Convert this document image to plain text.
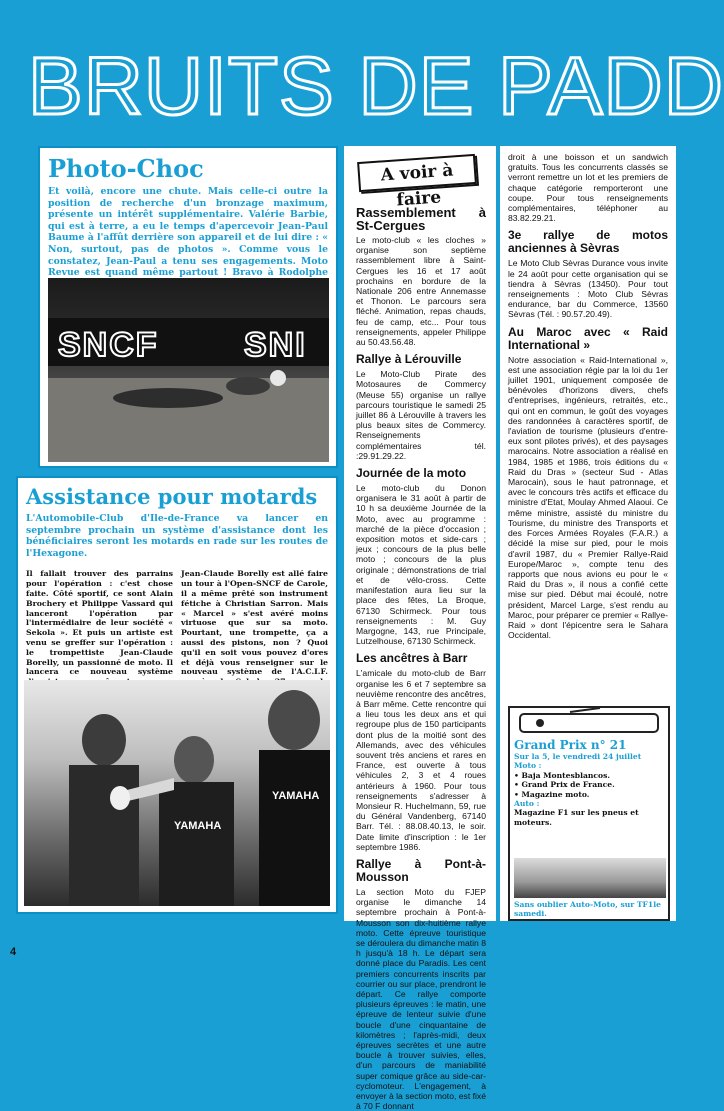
BRUITS DE PADD
Photo-Choc
Et voilà, encore une chute. Mais celle-ci outre la position de recherche d'un bronzage maximum, présente un intérêt supplémentaire. Valérie Barbie, qui est à terre, a eu le temps d'apercevoir Jean-Paul Baume à l'affût derrière son appareil et de lui dire : « Non, surtout, pas de photos ». Comme vous le constatez, Jean-Paul a tenu ses engagements. Moto Revue est quand même partout ! Bravo à Rodolphe
SNCF	SNI
Assistance pour motards
L'Automobile-Club d'Ile-de-France va lancer en septembre prochain un système d'assistance dont les bénéficiaires seront les motards en rade sur les routes de l'Hexagone.
Il fallait trouver des parrains pour l'opération : c'est chose faite. Côté sportif, ce sont Alain Brochery et Philippe Vassard qui lanceront l'opération par l'intermédiaire de leur société « Sekola ». Et puis un artiste est venu se greffer sur l'opération : le trompettiste Jean-Claude Borelly, un passionné de moto. Il lancera ce nouveau système
Jean-Claude Borelly est allé faire un tour à l'Open-SNCF de Carole, il a même prêté son instrument fétiche à Christian Sarron. Mais « Marcel » s'est avéré moins virtuose que sur sa moto. Pourtant, une trompette, ça a aussi des pistons, non ? Quoi qu'il en soit vous pouvez d'ores et déjà vous renseigner sur le nouveau système de l'A.C.I.F.
YAMAHA
YAMAHA
Rassemblement à St-Cergues

Le moto-club « les cloches » organise son septième rassemblement libre à Saint-Cergues les 16 et 17 août prochains en bordure de la Nationale 206 entre Annemasse et Thonon. Le parcours sera fléché. Animation, repas chauds, feu de camp, etc... Pour tous renseignements, appeler Philippe au 50.43.56.48.

Rallye à Lérouville

Le Moto-Club Pirate des Motosaures de Commercy (Meuse 55) organise un rallye parcours touristique le samedi 25 juillet 86 à Lérouville à travers les plus beaux sites de Commercy. Renseignements complémentaires tél. :29.91.29.22.

Journée de la moto

Le moto-club du Donon organisera le 31 août à partir de 10 h sa deuxième Journée de la Moto, avec au programme : marché de la pièce d'occasion ; exposition motos et side-cars ; jeux ; concours de la plus belle moto ; concours de la plus originale ; démonstrations de trial et de vélo-cross. Cette manifestation aura lieu sur la place des fêtes, La Broque, 67130 Schirmeck. Pour tous renseignements : M. Guy Margogne, 143, rue Principale, Lutzelhouse, 67130 Schirmeck.

Les ancêtres à Barr

L'amicale du moto-club de Barr organise les 6 et 7 septembre sa neuvième rencontre des ancêtres, à Barr même. Cette rencontre qui a lieu tous les deux ans et qui regroupe plus de 150 participants dont plus de la moitié sont des Allemands, avec des véhicules souvent très anciens et rares en France, est ouverte à tous véhicules 2, 3 et 4 roues antérieurs à 1960. Pour tous renseignements s'adresser à Monsieur R. Huchelmann, 59, rue du Général Vandenberg, 67140 Barr. Tél. : 88.08.40.13, le soir. Date limite d'inscription : le 1er septembre 1986.

Rallye à Pont-à-Mousson

La section Moto du FJEP organise le dimanche 14 septembre prochain à Pont-à-Mousson son dix-huitième rallye moto. Cette épreuve touristique se déroulera du dimanche matin 8 h jusqu'à 18 h. Le départ sera donné place du Paradis. Les cent premiers concurrents inscrits par courrier ou sur place, prendront le départ. Ce rallye comporte plusieurs épreuves : le matin, une épreuve de lenteur suivie d'une boucle d'une cinquantaine de kilomètres ; l'après-midi, deux épreuves secrètes et une autre boucle à trouver suivies, elles, d'un parcours de maniabilité super comique grâce au side-car-cyclomoteur. L'engagement, à envoyer à la section moto, est fixé à 70 F donnant

A voir à faire

droit à une boisson et un sandwich gratuits. Tous les concurrents classés se verront remettre un lot et les premiers de chaque catégorie remporteront une coupe. Pour tous renseignements complémentaires, téléphoner au 83.82.29.21.

3e rallye de motos anciennes à Sèvras

Le Moto Club Sèvras Durance vous invite le 24 août pour cette organisation qui se tiendra à Sèvras (13450). Pour tout renseignements : Moto Club Sèvras endurance, bar du Commerce, 13560 Sèvras (Tél. : 90.57.20.49).

Au Maroc avec « Raid International »

Notre association « Raid-International », est une association régie par la loi du 1er juillet 1901, uniquement composée de bénévoles d'horizons divers, chefs d'entreprises, ingénieurs, retraités, etc., qui ont en commun, le goût des voyages des randonnées à caractères sportif, de l'aviation de tourisme (plusieurs d'entre-eux sont pilotes privés), et des paysages marocains. Notre association a réalisé en 1984, 1985 et 1986, trois éditions du « Raid du Dras » (secteur Sud - Atlas Marocain), sous le haut patronnage, et avec le concours très actifs et efficace du ministre d'Etat, Moulay Ahmed Alaoui. Ce même ministre, assisté du ministre du Tourisme, du ministre des Transports et des Forces Armées Royales (F.A.R.) a décidé la mise sur pied, pour le mois d'avril 1987, du « Premier Rallye-Raid Europe/Maroc », compte tenu des rapports que nous avions eu pour le « Raid du Dras », il nous a confié cette mise sur pied. Début mai écoulé, notre président, Marcel Large, s'est rendu au Maroc, pour préparer ce premier « Rallye-Raid » dont l'épicentre sera le Sahara Occidental.

Grand Prix n° 21
Sur la 5, le vendredi 24 juillet
Moto :
• Baja Montesblancos.
• Grand Prix de France.
• Magazine moto.
Auto :
Magazine F1 sur les pneus et moteurs.
Sans oublier Auto-Moto, sur TF1le samedi.
4
